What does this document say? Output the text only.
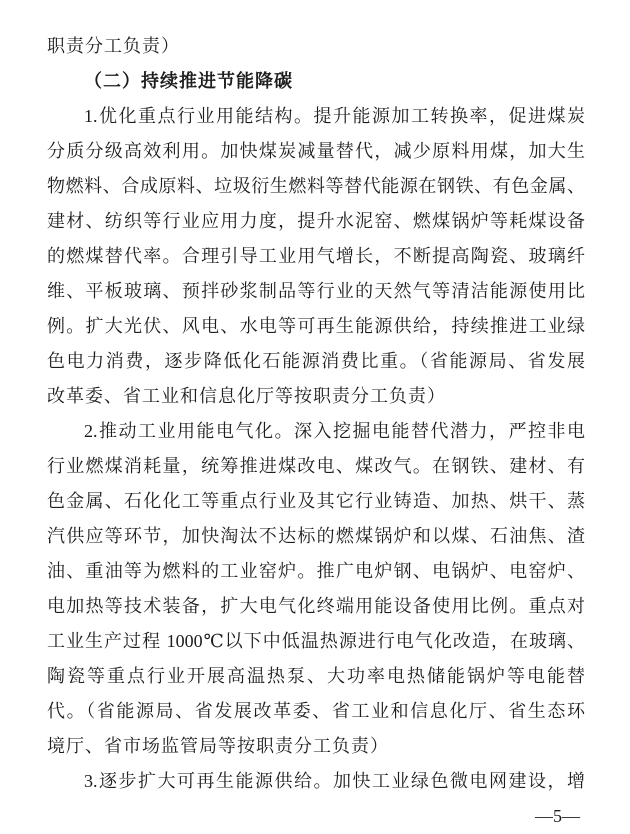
职责分工负责）
（二）持续推进节能降碳
1.优化重点行业用能结构。提升能源加工转换率，促进煤炭
分质分级高效利用。加快煤炭减量替代，减少原料用煤，加大生
物燃料、合成原料、垃圾衍生燃料等替代能源在钢铁、有色金属、
建材、纺织等行业应用力度，提升水泥窑、燃煤锅炉等耗煤设备
的燃煤替代率。合理引导工业用气增长，不断提高陶瓷、玻璃纤
维、平板玻璃、预拌砂浆制品等行业的天然气等清洁能源使用比
例。扩大光伏、风电、水电等可再生能源供给，持续推进工业绿
色电力消费，逐步降低化石能源消费比重。（省能源局、省发展
改革委、省工业和信息化厅等按职责分工负责）
2.推动工业用能电气化。深入挖掘电能替代潜力，严控非电
行业燃煤消耗量，统筹推进煤改电、煤改气。在钢铁、建材、有
色金属、石化化工等重点行业及其它行业铸造、加热、烘干、蒸
汽供应等环节，加快淘汰不达标的燃煤锅炉和以煤、石油焦、渣
油、重油等为燃料的工业窑炉。推广电炉钢、电锅炉、电窑炉、
电加热等技术装备，扩大电气化终端用能设备使用比例。重点对
工业生产过程 1000℃以下中低温热源进行电气化改造，在玻璃、
陶瓷等重点行业开展高温热泵、大功率电热储能锅炉等电能替
代。（省能源局、省发展改革委、省工业和信息化厅、省生态环
境厅、省市场监管局等按职责分工负责）
3.逐步扩大可再生能源供给。加快工业绿色微电网建设，增
—5—
